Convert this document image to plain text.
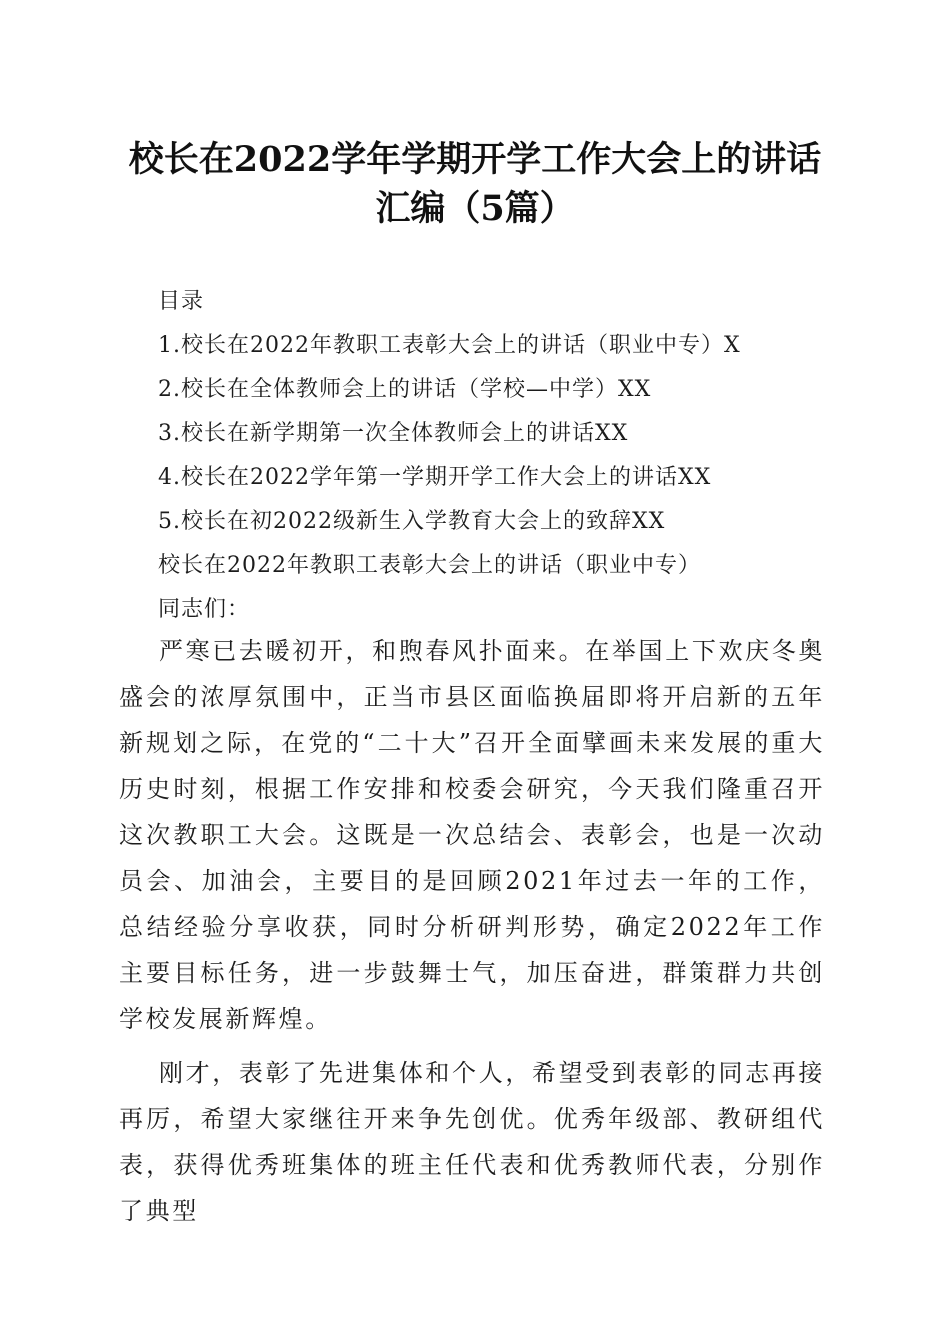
校长在2022学年学期开学工作大会上的讲话
汇编（5篇）
目录
1.校长在2022年教职工表彰大会上的讲话（职业中专）X
2.校长在全体教师会上的讲话（学校—中学）XX
3.校长在新学期第一次全体教师会上的讲话XX
4.校长在2022学年第一学期开学工作大会上的讲话XX
5.校长在初2022级新生入学教育大会上的致辞XX
校长在2022年教职工表彰大会上的讲话（职业中专）
同志们：

严寒已去暖初开，和煦春风扑面来。在举国上下欢庆冬奥盛会的浓厚氛围中，正当市县区面临换届即将开启新的五年新规划之际，在党的“二十大”召开全面擘画未来发展的重大历史时刻，根据工作安排和校委会研究，今天我们隆重召开这次教职工大会。这既是一次总结会、表彰会，也是一次动员会、加油会，主要目的是回顾2021年过去一年的工作，总结经验分享收获，同时分析研判形势，确定2022年工作主要目标任务，进一步鼓舞士气，加压奋进，群策群力共创学校发展新辉煌。

刚才，表彰了先进集体和个人，希望受到表彰的同志再接再厉，希望大家继往开来争先创优。优秀年级部、教研组代表，获得优秀班集体的班主任代表和优秀教师代表，分别作了典型
